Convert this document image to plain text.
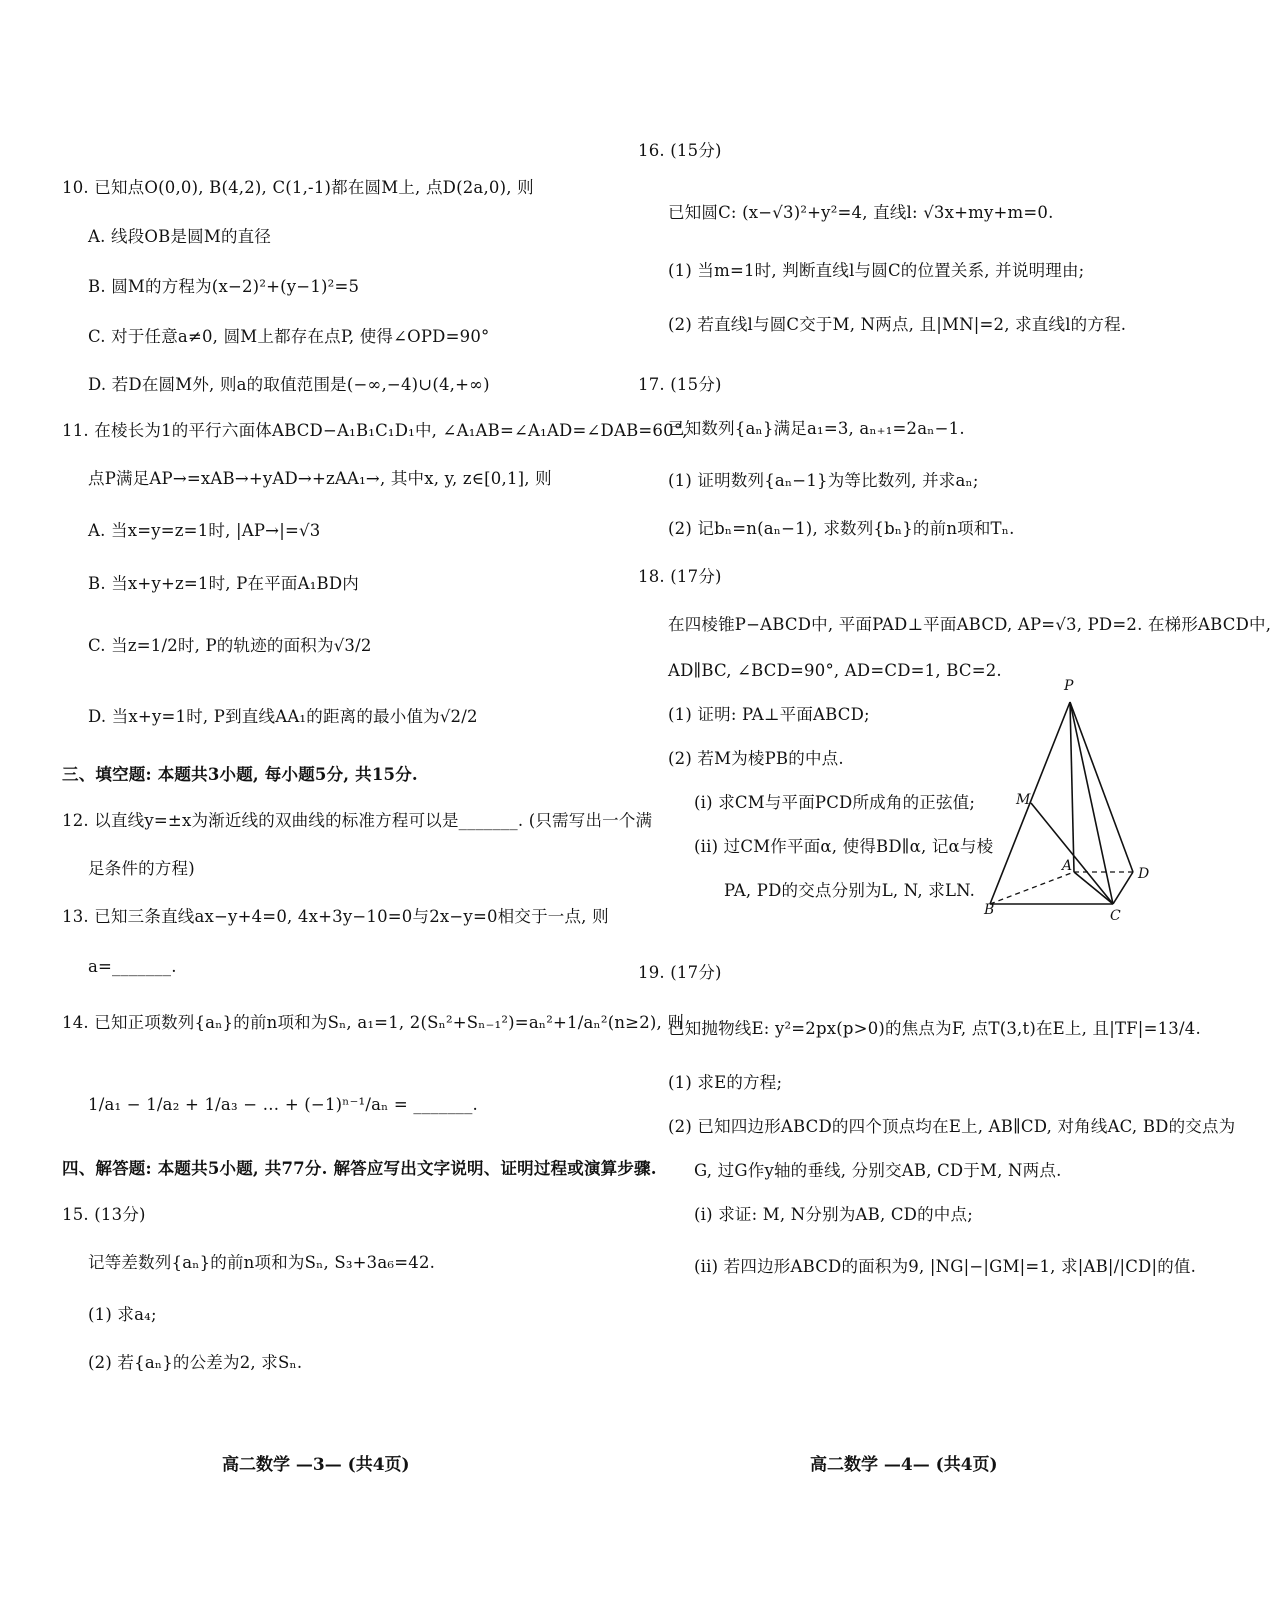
10. 已知点O(0,0), B(4,2), C(1,-1)都在圆M上, 点D(2a,0), 则
A. 线段OB是圆M的直径
B. 圆M的方程为(x−2)²+(y−1)²=5
C. 对于任意a≠0, 圆M上都存在点P, 使得∠OPD=90°
D. 若D在圆M外, 则a的取值范围是(−∞,−4)∪(4,+∞)
11. 在棱长为1的平行六面体ABCD−A₁B₁C₁D₁中, ∠A₁AB=∠A₁AD=∠DAB=60°,
点P满足AP→=xAB→+yAD→+zAA₁→, 其中x, y, z∈[0,1], 则
A. 当x=y=z=1时, |AP→|=√3
B. 当x+y+z=1时, P在平面A₁BD内
C. 当z=1/2时, P的轨迹的面积为√3/2
D. 当x+y=1时, P到直线AA₁的距离的最小值为√2/2
三、填空题: 本题共3小题, 每小题5分, 共15分.
12. 以直线y=±x为渐近线的双曲线的标准方程可以是_______. (只需写出一个满
足条件的方程)
13. 已知三条直线ax−y+4=0, 4x+3y−10=0与2x−y=0相交于一点, 则
a=_______.
14. 已知正项数列{aₙ}的前n项和为Sₙ, a₁=1, 2(Sₙ²+Sₙ₋₁²)=aₙ²+1/aₙ²(n≥2), 则
1/a₁ − 1/a₂ + 1/a₃ − … + (−1)ⁿ⁻¹/aₙ = _______.
四、解答题: 本题共5小题, 共77分. 解答应写出文字说明、证明过程或演算步骤.
15. (13分)
记等差数列{aₙ}的前n项和为Sₙ, S₃+3a₆=42.
(1) 求a₄;
(2) 若{aₙ}的公差为2, 求Sₙ.
高二数学 —3— (共4页)
16. (15分)
已知圆C: (x−√3)²+y²=4, 直线l: √3x+my+m=0.
(1) 当m=1时, 判断直线l与圆C的位置关系, 并说明理由;
(2) 若直线l与圆C交于M, N两点, 且|MN|=2, 求直线l的方程.
17. (15分)
已知数列{aₙ}满足a₁=3, aₙ₊₁=2aₙ−1.
(1) 证明数列{aₙ−1}为等比数列, 并求aₙ;
(2) 记bₙ=n(aₙ−1), 求数列{bₙ}的前n项和Tₙ.
18. (17分)
在四棱锥P−ABCD中, 平面PAD⊥平面ABCD, AP=√3, PD=2. 在梯形ABCD中,
AD∥BC, ∠BCD=90°, AD=CD=1, BC=2.
(1) 证明: PA⊥平面ABCD;
(2) 若M为棱PB的中点.
(i) 求CM与平面PCD所成角的正弦值;
(ii) 过CM作平面α, 使得BD∥α, 记α与棱
PA, PD的交点分别为L, N, 求LN.
19. (17分)
已知抛物线E: y²=2px(p>0)的焦点为F, 点T(3,t)在E上, 且|TF|=13/4.
(1) 求E的方程;
(2) 已知四边形ABCD的四个顶点均在E上, AB∥CD, 对角线AC, BD的交点为
G, 过G作y轴的垂线, 分别交AB, CD于M, N两点.
(i) 求证: M, N分别为AB, CD的中点;
(ii) 若四边形ABCD的面积为9, |NG|−|GM|=1, 求|AB|/|CD|的值.
高二数学 —4— (共4页)
P
M
A	D
B	C
